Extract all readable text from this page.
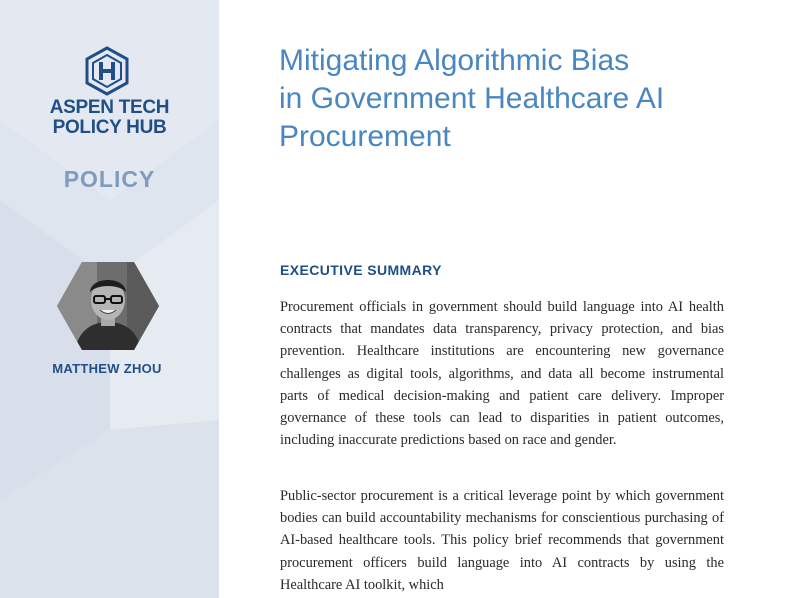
ASPEN TECH
POLICY HUB
POLICY
MATTHEW ZHOU
Mitigating Algorithmic Bias
in Government Healthcare AI
Procurement
EXECUTIVE SUMMARY

Procurement officials in government should build language into AI health contracts that mandates data transparency, privacy protection, and bias prevention. Healthcare institutions are encountering new governance challenges as digital tools, algorithms, and data all become instrumental parts of medical decision-making and patient care delivery. Improper governance of these tools can lead to disparities in patient outcomes, including inaccurate predictions based on race and gender.

Public-sector procurement is a critical leverage point by which government bodies can build accountability mechanisms for conscientious purchasing of AI-based healthcare tools. This policy brief recommends that government procurement officers build language into AI contracts by using the Healthcare AI toolkit, which
